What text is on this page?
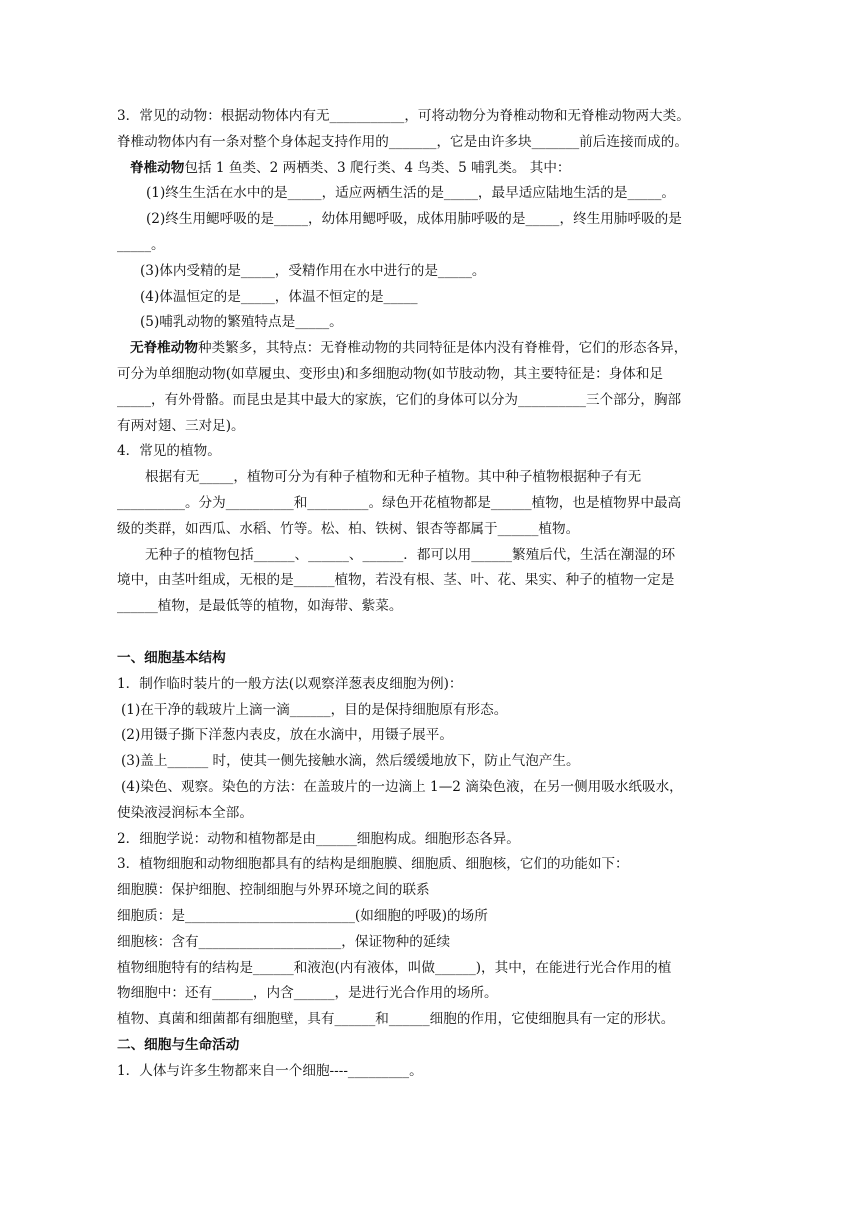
3．常见的动物：根据动物体内有无___________，可将动物分为脊椎动物和无脊椎动物两大类。
脊椎动物体内有一条对整个身体起支持作用的_______，它是由许多块_______前后连接而成的。
脊椎动物包括 1 鱼类、2 两栖类、3 爬行类、4 鸟类、5 哺乳类。 其中：
(1)终生生活在水中的是_____，适应两栖生活的是_____，最早适应陆地生活的是_____。
(2)终生用鳃呼吸的是_____，幼体用鳃呼吸，成体用肺呼吸的是_____，终生用肺呼吸的是
_____。
(3)体内受精的是_____，受精作用在水中进行的是_____。
(4)体温恒定的是_____，体温不恒定的是_____
(5)哺乳动物的繁殖特点是_____。
无脊椎动物种类繁多，其特点：无脊椎动物的共同特征是体内没有脊椎骨，它们的形态各异，
可分为单细胞动物(如草履虫、变形虫)和多细胞动物(如节肢动物，其主要特征是：身体和足
_____，有外骨骼。而昆虫是其中最大的家族，它们的身体可以分为__________三个部分，胸部
有两对翅、三对足)。
4．常见的植物。
根据有无_____，植物可分为有种子植物和无种子植物。其中种子植物根据种子有无
__________。分为__________和_________。绿色开花植物都是______植物，也是植物界中最高
级的类群，如西瓜、水稻、竹等。松、柏、铁树、银杏等都属于______植物。
无种子的植物包括______、______、______．都可以用______繁殖后代，生活在潮湿的环
境中，由茎叶组成，无根的是______植物，若没有根、茎、叶、花、果实、种子的植物一定是
______植物，是最低等的植物，如海带、紫菜。
一、细胞基本结构
1．制作临时装片的一般方法(以观察洋葱表皮细胞为例)：
(1)在干净的载玻片上滴一滴______，目的是保持细胞原有形态。
(2)用镊子撕下洋葱内表皮，放在水滴中，用镊子展平。
(3)盖上______ 时，使其一侧先接触水滴，然后缓缓地放下，防止气泡产生。
(4)染色、观察。染色的方法：在盖玻片的一边滴上 1—2 滴染色液，在另一侧用吸水纸吸水，
使染液浸润标本全部。
2．细胞学说：动物和植物都是由______细胞构成。细胞形态各异。
3．植物细胞和动物细胞都具有的结构是细胞膜、细胞质、细胞核，它们的功能如下：
细胞膜：保护细胞、控制细胞与外界环境之间的联系
细胞质：是_________________________(如细胞的呼吸)的场所
细胞核：含有_____________________，保证物种的延续
植物细胞特有的结构是______和液泡(内有液体，叫做______)，其中，在能进行光合作用的植
物细胞中：还有______，内含______，是进行光合作用的场所。
植物、真菌和细菌都有细胞壁，具有______和______细胞的作用，它使细胞具有一定的形状。
二、细胞与生命活动
1．人体与许多生物都来自一个细胞----_________。
